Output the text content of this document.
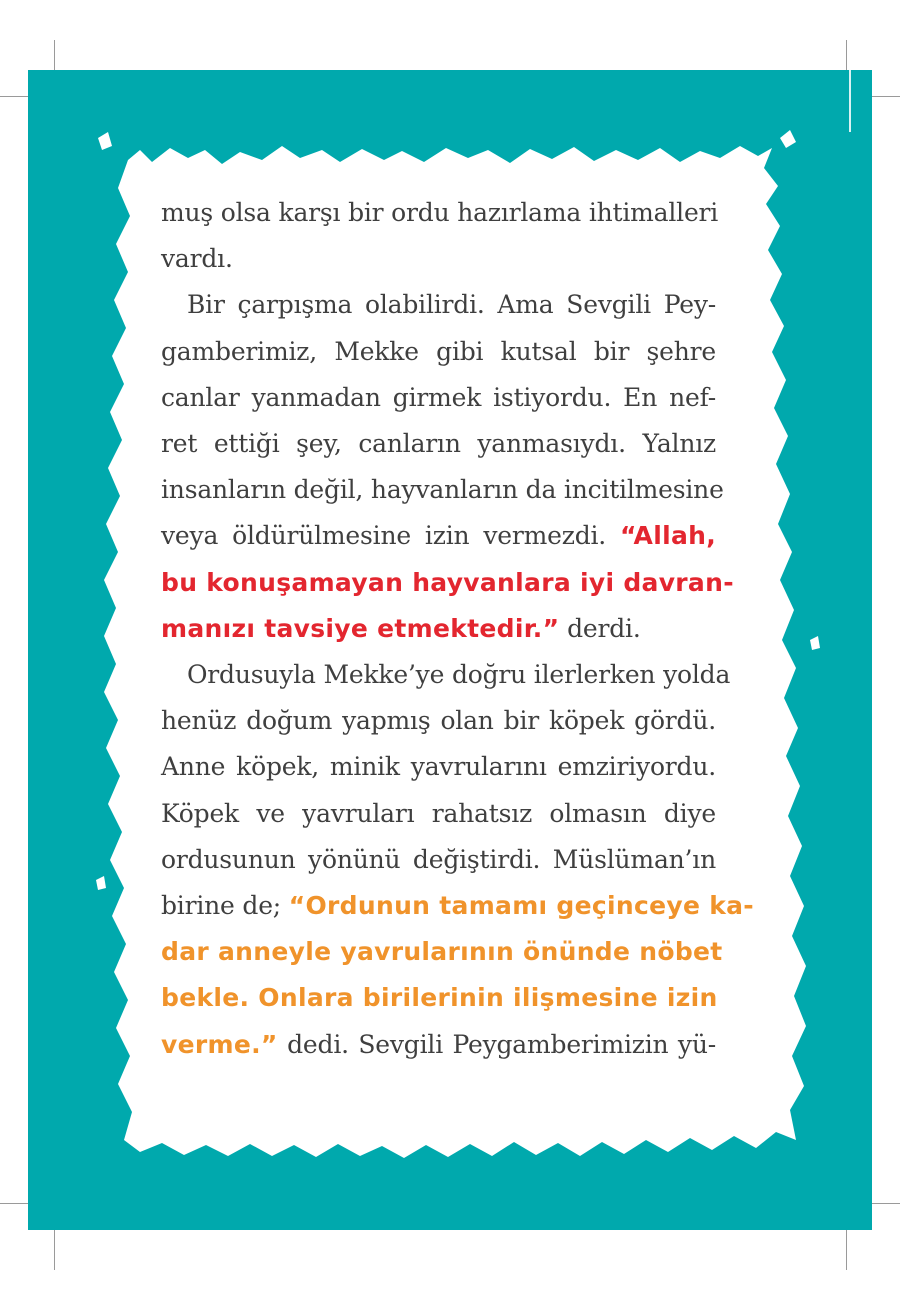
muş olsa karşı bir ordu hazırlama ihtimalleri
vardı.

Bir çarpışma olabilirdi. Ama Sevgili Pey-
gamberimiz, Mekke gibi kutsal bir şehre
canlar yanmadan girmek istiyordu. En nef-
ret ettiği şey, canların yanmasıydı. Yalnız
insanların değil, hayvanların da incitilmesine
veya öldürülmesine izin vermezdi. “Allah,
bu konuşamayan hayvanlara iyi davran-
manızı tavsiye etmektedir.” derdi.

Ordusuyla Mekke’ye doğru ilerlerken yolda
henüz doğum yapmış olan bir köpek gördü.
Anne köpek, minik yavrularını emziriyordu.
Köpek ve yavruları rahatsız olmasın diye
ordusunun yönünü değiştirdi. Müslüman’ın
birine de; “Ordunun tamamı geçinceye ka-
dar anneyle yavrularının önünde nöbet
bekle. Onlara birilerinin ilişmesine izin
verme.” dedi. Sevgili Peygamberimizin yü-
